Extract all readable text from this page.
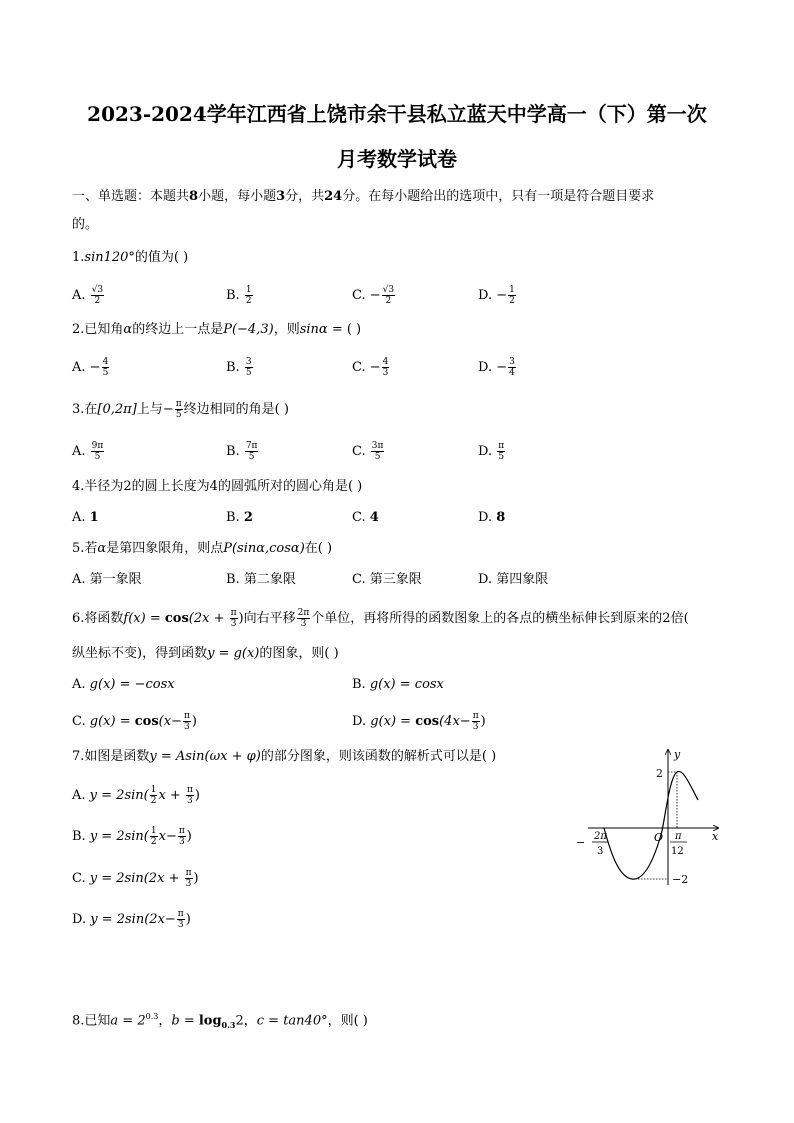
2023-2024学年江西省上饶市余干县私立蓝天中学高一（下）第一次
月考数学试卷
一、单选题：本题共8小题，每小题3分，共24分。在每小题给出的选项中，只有一项是符合题目要求
的。
1.sin120°的值为( )
A. $\frac{√3}{2}$	B. $\frac{1}{2}$	C. − $\frac{√3}{2}$	D. − $\frac{1}{2}$
2.已知角α的终边上一点是P(−4,3)，则sinα = ( )
A. − $\frac{4}{5}$	B. $\frac{3}{5}$	C. − $\frac{4}{3}$	D. − $\frac{3}{4}$
3.在[0,2π]上与− $\frac{\pi}{5}$ 终边相同的角是( )
A. $\frac{9\pi}{5}$	B. $\frac{7\pi}{5}$	C. $\frac{3\pi}{5}$	D. $\frac{\pi}{5}$
4.半径为2的圆上长度为4的圆弧所对的圆心角是( )
A. 1	B. 2	C. 4	D. 8
5.若α是第四象限角，则点P(sinα,cosα)在( )
A. 第一象限	B. 第二象限	C. 第三象限	D. 第四象限
6.将函数$f(x) = \cos(2x + \frac{\pi}{3}$ )向右平移 $\frac{2\pi}{3}$ 个单位，再将所得的函数图象上的各点的横坐标伸长到原来的2倍(
纵坐标不变)，得到函数y = g(x)的图象，则( )
A. g(x) = −cosx	B. g(x) = cosx
C. $g(x) = \cos(x- \frac{\pi}{3}$ )	D. $g(x) = \cos(4x- \frac{\pi}{3}$ )
7.如图是函数y = Asin(ωx + φ)的部分图象，则该函数的解析式可以是( )
A. $y = 2\sin( \frac{1}{2}$ $x + \frac{\pi}{3}$ )
B. $y = 2\sin( \frac{1}{2} x- \frac{\pi}{3}$ )
C. $y = 2\sin(2x + \frac{\pi}{3}$ )
D. $y = 2\sin(2x- \frac{\pi}{3}$ )
y
x
O
2
−2
− 2π
3
π
12
8.已知$a = 2^{0.3}$，$b = \log_{0.3}2$，c = tan40°，则( )
